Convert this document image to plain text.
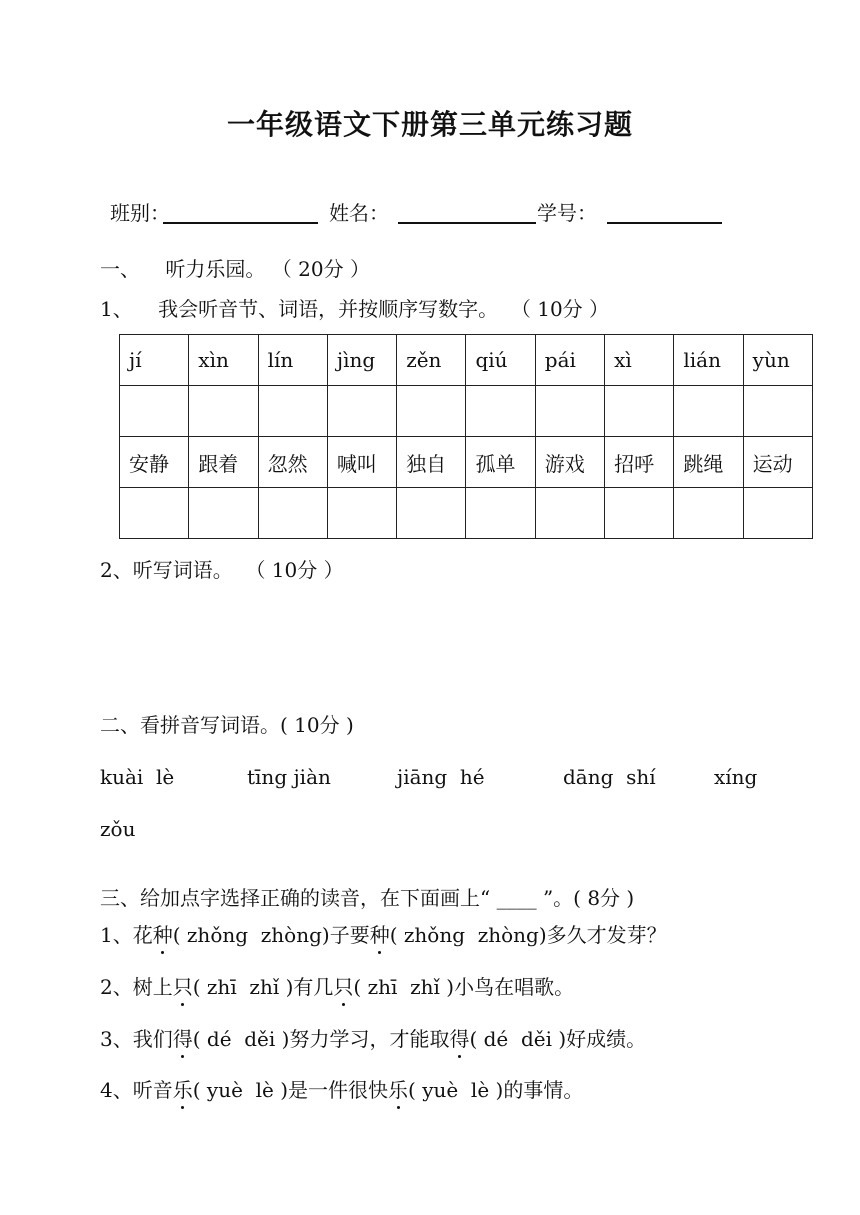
一年级语文下册第三单元练习题
班别：	姓名：	学号：
一、    听力乐园。 （ 20分 ）
1、    我会听音节、词语，并按顺序写数字。  （ 10分 ）
jí	xìn	lín	jìng	zěn	qiú	pái	xì	lián	yùn

安静	跟着	忽然	喊叫	独自	孤单	游戏	招呼	跳绳	运动

2、听写词语。  （ 10分 ）
二、看拼音写词语。( 10分 )
kuài  lè	tīng jiàn	jiāng  hé	dāng  shí	xíng
zǒu
三、给加点字选择正确的读音，在下面画上“ ____ ”。( 8分 )
1、花种( zhǒng  zhòng)子要种( zhǒng  zhòng)多久才发芽？
2、树上只( zhī  zhǐ )有几只( zhī  zhǐ )小鸟在唱歌。
3、我们得( dé  děi )努力学习，才能取得( dé  děi )好成绩。
4、听音乐( yuè  lè )是一件很快乐( yuè  lè )的事情。
